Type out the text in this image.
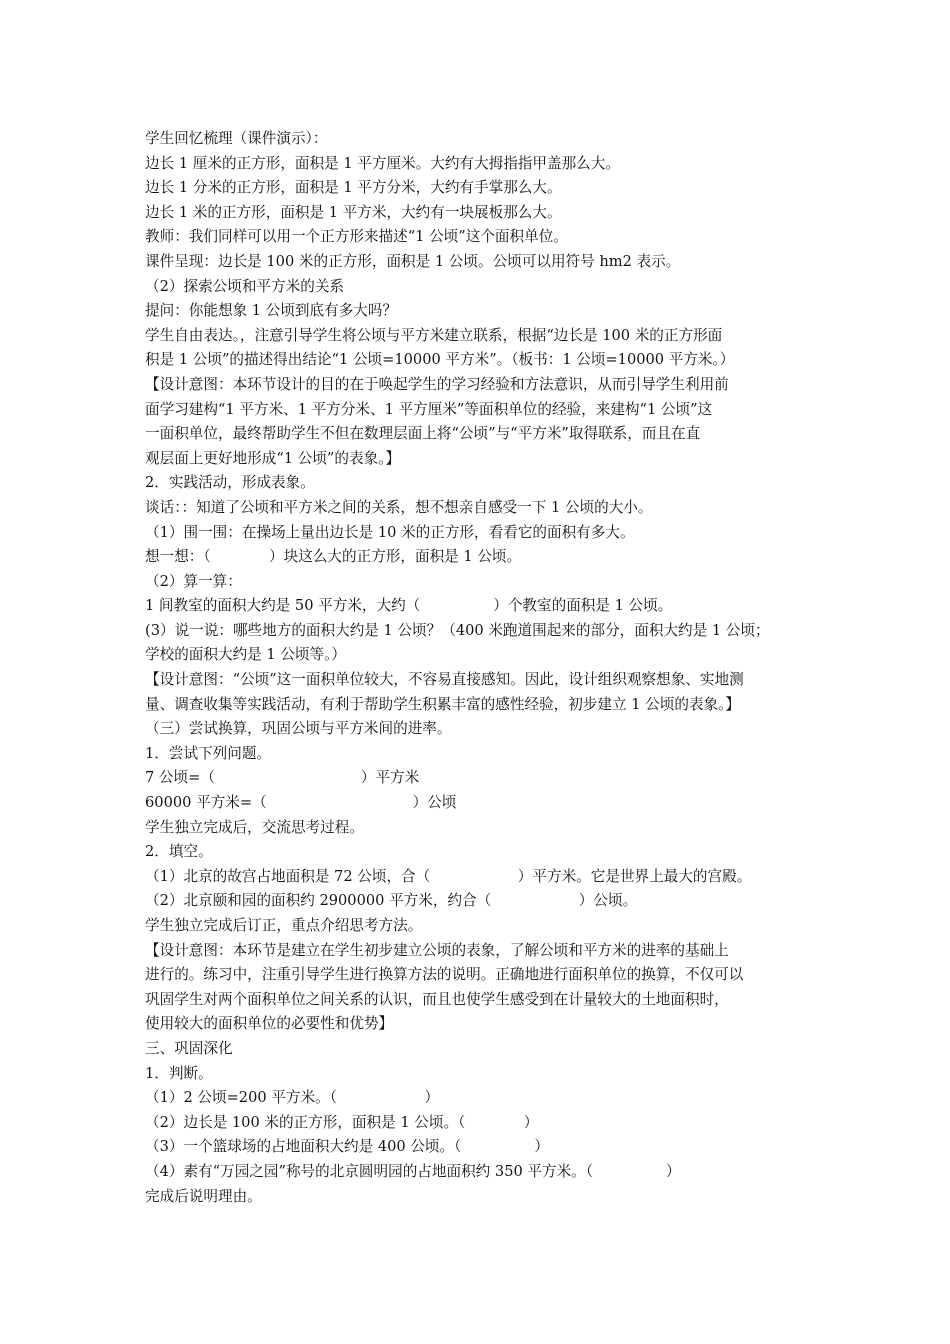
学生回忆梳理（课件演示）：
边长 1 厘米的正方形，面积是 1 平方厘米。大约有大拇指指甲盖那么大。
边长 1 分米的正方形，面积是 1 平方分米，大约有手掌那么大。
边长 1 米的正方形，面积是 1 平方米，大约有一块展板那么大。
教师：我们同样可以用一个正方形来描述“1 公顷”这个面积单位。
课件呈现：边长是 100 米的正方形，面积是 1 公顷。公顷可以用符号 hm2 表示。
（2）探索公顷和平方米的关系
提问：你能想象 1 公顷到底有多大吗？
学生自由表达。，注意引导学生将公顷与平方米建立联系，根据“边长是 100 米的正方形面
积是 1 公顷”的描述得出结论“1 公顷=10000 平方米”。（板书：1 公顷=10000 平方米。）
【设计意图：本环节设计的目的在于唤起学生的学习经验和方法意识，从而引导学生利用前
面学习建构“1 平方米、1 平方分米、1 平方厘米”等面积单位的经验，来建构“1 公顷”这
一面积单位，最终帮助学生不但在数理层面上将“公顷”与“平方米”取得联系，而且在直
观层面上更好地形成“1 公顷”的表象。】
2．实践活动，形成表象。
谈话：：知道了公顷和平方米之间的关系，想不想亲自感受一下 1 公顷的大小。
（1）围一围：在操场上量出边长是 10 米的正方形，看看它的面积有多大。
想一想：（　　　　）块这么大的正方形，面积是 1 公顷。
（2）算一算：
1 间教室的面积大约是 50 平方米，大约（　　　　　）个教室的面积是 1 公顷。
(3）说一说：哪些地方的面积大约是 1 公顷？（400 米跑道围起来的部分，面积大约是 1 公顷；
学校的面积大约是 1 公顷等。）
【设计意图：“公顷”这一面积单位较大，不容易直接感知。因此，设计组织观察想象、实地测
量、调查收集等实践活动，有利于帮助学生积累丰富的感性经验，初步建立 1 公顷的表象。】
（三）尝试换算，巩固公顷与平方米间的进率。
1．尝试下列问题。
7 公顷=（　　　　　　　　　　）平方米
60000 平方米=（　　　　　　　　　　）公顷
学生独立完成后，交流思考过程。
2．填空。
（1）北京的故宫占地面积是 72 公顷，合（　　　　　　）平方米。它是世界上最大的宫殿。
（2）北京颐和园的面积约 2900000 平方米，约合（　　　　　　）公顷。
学生独立完成后订正，重点介绍思考方法。
【设计意图：本环节是建立在学生初步建立公顷的表象，了解公顷和平方米的进率的基础上
进行的。练习中，注重引导学生进行换算方法的说明。正确地进行面积单位的换算，不仅可以
巩固学生对两个面积单位之间关系的认识，而且也使学生感受到在计量较大的土地面积时，
使用较大的面积单位的必要性和优势】
三、巩固深化
1．判断。
（1）2 公顷=200 平方米。（　　　　　　）
（2）边长是 100 米的正方形，面积是 1 公顷。（　　　　）
（3）一个篮球场的占地面积大约是 400 公顷。（　　　　　）
（4）素有“万园之园”称号的北京圆明园的占地面积约 350 平方米。（　　　　　）
完成后说明理由。
